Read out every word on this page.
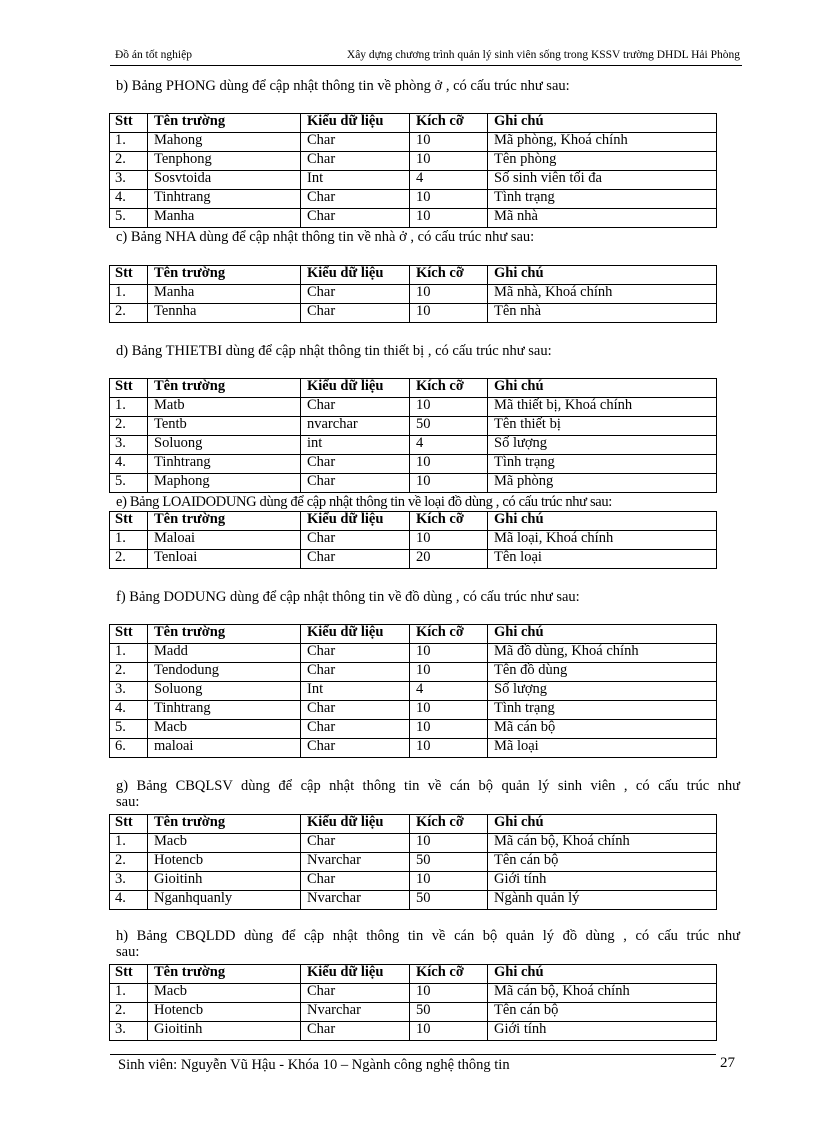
Đồ án tốt nghiệp	Xây dựng chương trình quản lý sinh viên sống trong KSSV trường DHDL Hải Phòng
b) Bảng PHONG dùng để cập nhật thông tin về phòng ở , có cấu trúc như sau:
Stt	Tên trường	Kiểu dữ liệu	Kích cỡ	Ghi chú
1.	Mahong	Char	10	Mã phòng, Khoá chính
2.	Tenphong	Char	10	Tên phòng
3.	Sosvtoida	Int	4	Số sinh viên tối đa
4.	Tinhtrang	Char	10	Tình trạng
5.	Manha	Char	10	Mã nhà
c) Bảng NHA dùng để cập nhật thông tin về nhà ở , có cấu trúc như sau:
Stt	Tên trường	Kiểu dữ liệu	Kích cỡ	Ghi chú
1.	Manha	Char	10	Mã nhà, Khoá chính
2.	Tennha	Char	10	Tên nhà
d) Bảng THIETBI dùng để cập nhật thông tin thiết bị , có cấu trúc như sau:
Stt	Tên trường	Kiểu dữ liệu	Kích cỡ	Ghi chú
1.	Matb	Char	10	Mã thiết bị, Khoá chính
2.	Tentb	nvarchar	50	Tên thiết bị
3.	Soluong	int	4	Số lượng
4.	Tinhtrang	Char	10	Tình trạng
5.	Maphong	Char	10	Mã phòng
e) Bảng LOAIDODUNG dùng để cập nhật thông tin về loại đồ dùng , có cấu trúc như sau:
Stt	Tên trường	Kiểu dữ liệu	Kích cỡ	Ghi chú
1.	Maloai	Char	10	Mã loại, Khoá chính
2.	Tenloai	Char	20	Tên loại
f) Bảng DODUNG dùng để cập nhật thông tin về đồ dùng , có cấu trúc như sau:
Stt	Tên trường	Kiểu dữ liệu	Kích cỡ	Ghi chú
1.	Madd	Char	10	Mã đồ dùng, Khoá chính
2.	Tendodung	Char	10	Tên đồ dùng
3.	Soluong	Int	4	Số lượng
4.	Tinhtrang	Char	10	Tình trạng
5.	Macb	Char	10	Mã cán bộ
6.	maloai	Char	10	Mã loại
g) Bảng CBQLSV dùng để cập nhật thông tin về cán bộ quản lý sinh viên , có cấu trúc như
sau:
Stt	Tên trường	Kiểu dữ liệu	Kích cỡ	Ghi chú
1.	Macb	Char	10	Mã cán bộ, Khoá chính
2.	Hotencb	Nvarchar	50	Tên cán bộ
3.	Gioitinh	Char	10	Giới tính
4.	Nganhquanly	Nvarchar	50	Ngành quản lý
h) Bảng CBQLDD dùng để cập nhật thông tin về cán bộ quản lý đồ dùng , có cấu trúc như
sau:
Stt	Tên trường	Kiểu dữ liệu	Kích cỡ	Ghi chú
1.	Macb	Char	10	Mã cán bộ, Khoá chính
2.	Hotencb	Nvarchar	50	Tên cán bộ
3.	Gioitinh	Char	10	Giới tính
Sinh viên: Nguyễn Vũ Hậu - Khóa 10 – Ngành công nghệ thông tin	27
